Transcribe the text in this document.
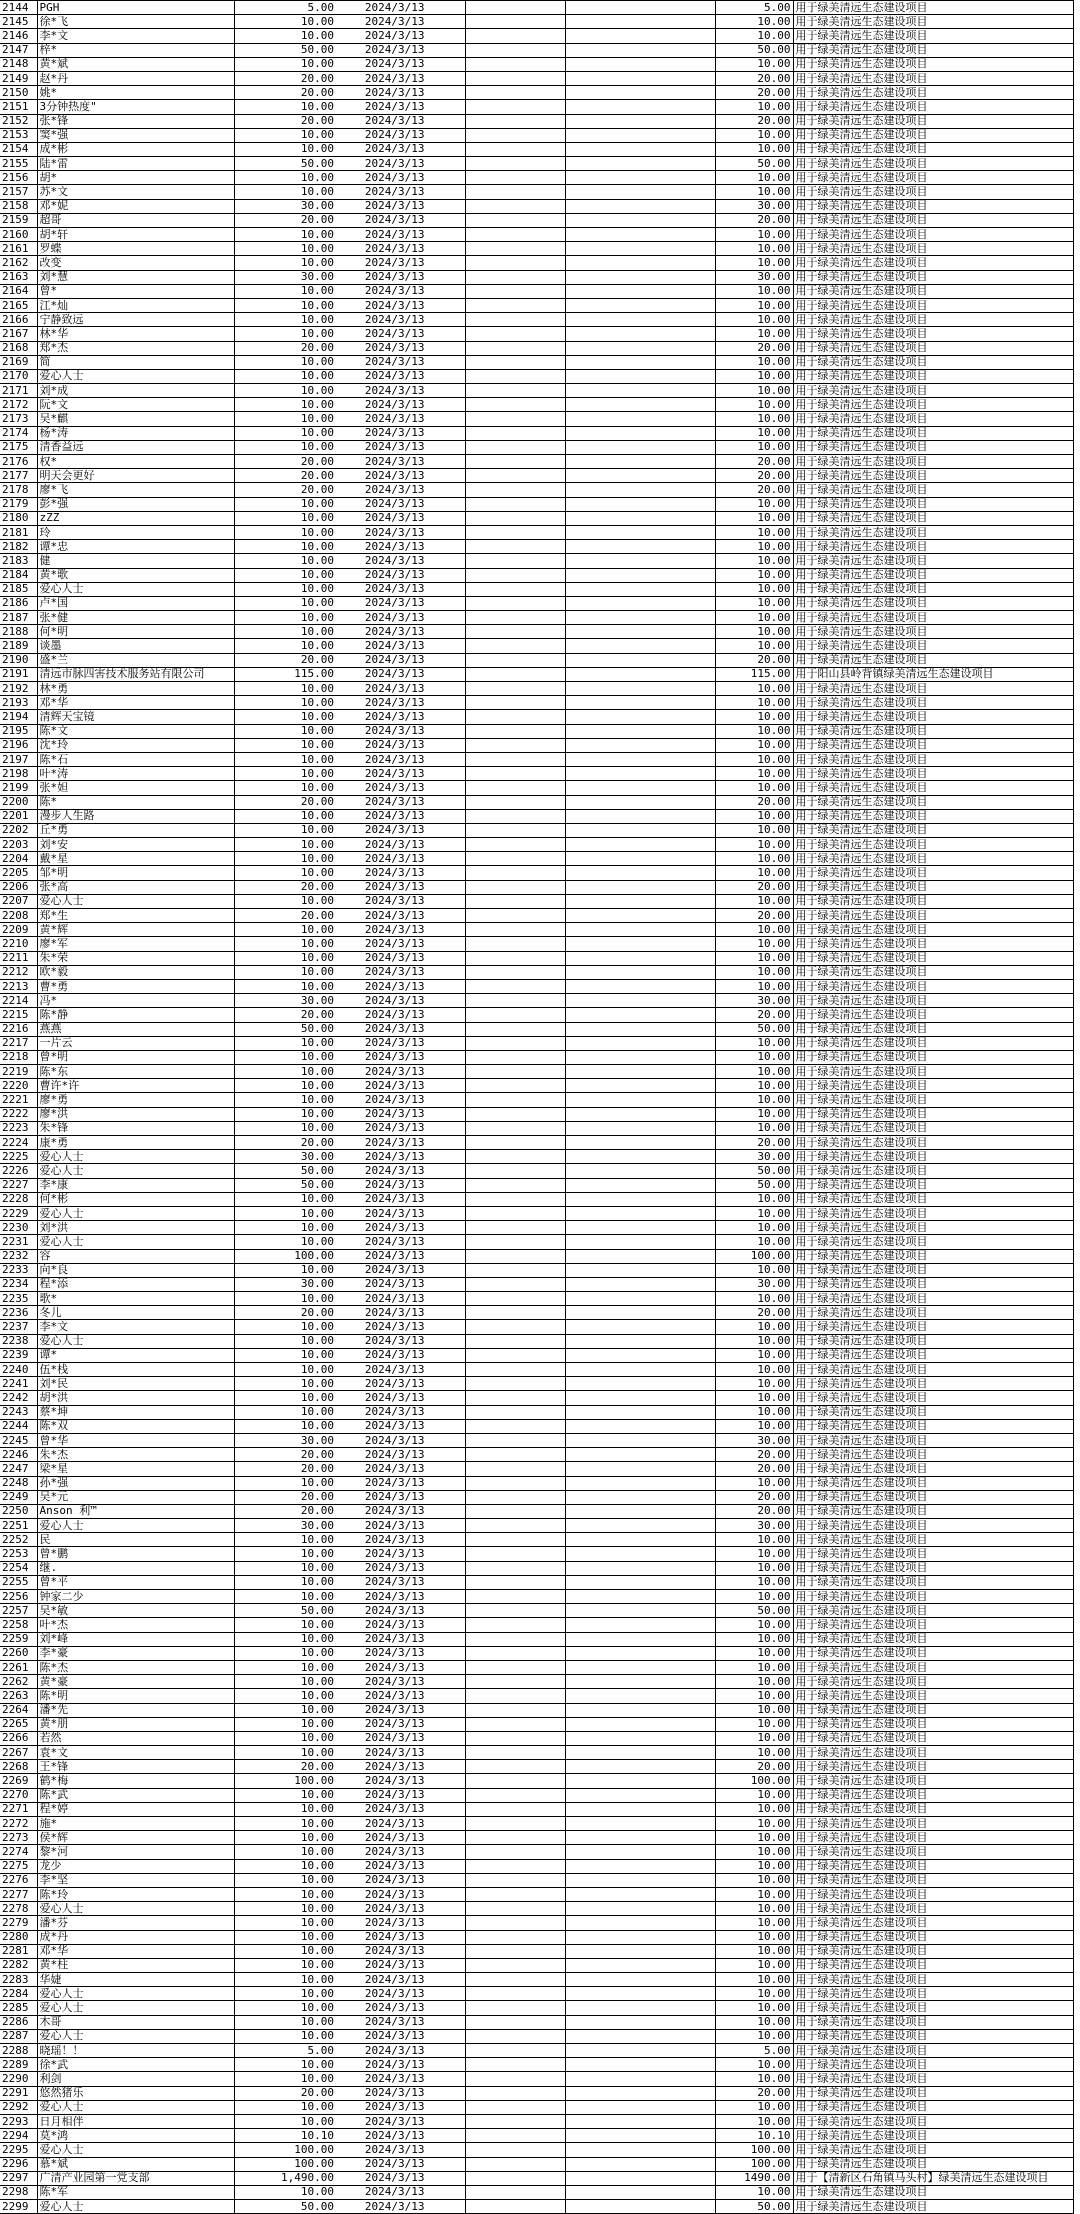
2144	PGH	5.00	2024/3/13			5.00	用于绿美清远生态建设项目
2145	徐*飞	10.00	2024/3/13			10.00	用于绿美清远生态建设项目
2146	李*文	10.00	2024/3/13			10.00	用于绿美清远生态建设项目
2147	梓*	50.00	2024/3/13			50.00	用于绿美清远生态建设项目
2148	黄*斌	10.00	2024/3/13			10.00	用于绿美清远生态建设项目
2149	赵*丹	20.00	2024/3/13			20.00	用于绿美清远生态建设项目
2150	姚*	20.00	2024/3/13			20.00	用于绿美清远生态建设项目
2151	3分钟热度"	10.00	2024/3/13			10.00	用于绿美清远生态建设项目
2152	张*锋	20.00	2024/3/13			20.00	用于绿美清远生态建设项目
2153	窦*强	10.00	2024/3/13			10.00	用于绿美清远生态建设项目
2154	成*彬	10.00	2024/3/13			10.00	用于绿美清远生态建设项目
2155	陆*雷	50.00	2024/3/13			50.00	用于绿美清远生态建设项目
2156	胡*	10.00	2024/3/13			10.00	用于绿美清远生态建设项目
2157	苏*文	10.00	2024/3/13			10.00	用于绿美清远生态建设项目
2158	邓*妮	30.00	2024/3/13			30.00	用于绿美清远生态建设项目
2159	超哥	20.00	2024/3/13			20.00	用于绿美清远生态建设项目
2160	胡*轩	10.00	2024/3/13			10.00	用于绿美清远生态建设项目
2161	罗蝶	10.00	2024/3/13			10.00	用于绿美清远生态建设项目
2162	改变	10.00	2024/3/13			10.00	用于绿美清远生态建设项目
2163	刘*慧	30.00	2024/3/13			30.00	用于绿美清远生态建设项目
2164	曾*	10.00	2024/3/13			10.00	用于绿美清远生态建设项目
2165	江*灿	10.00	2024/3/13			10.00	用于绿美清远生态建设项目
2166	宁静致远	10.00	2024/3/13			10.00	用于绿美清远生态建设项目
2167	林*华	10.00	2024/3/13			10.00	用于绿美清远生态建设项目
2168	郑*杰	20.00	2024/3/13			20.00	用于绿美清远生态建设项目
2169	简	10.00	2024/3/13			10.00	用于绿美清远生态建设项目
2170	爱心人士	10.00	2024/3/13			10.00	用于绿美清远生态建设项目
2171	刘*成	10.00	2024/3/13			10.00	用于绿美清远生态建设项目
2172	阮*文	10.00	2024/3/13			10.00	用于绿美清远生态建设项目
2173	吴*麒	10.00	2024/3/13			10.00	用于绿美清远生态建设项目
2174	杨*涛	10.00	2024/3/13			10.00	用于绿美清远生态建设项目
2175	清香益远	10.00	2024/3/13			10.00	用于绿美清远生态建设项目
2176	权*	20.00	2024/3/13			20.00	用于绿美清远生态建设项目
2177	明天会更好	20.00	2024/3/13			20.00	用于绿美清远生态建设项目
2178	廖*飞	20.00	2024/3/13			20.00	用于绿美清远生态建设项目
2179	彭*强	10.00	2024/3/13			10.00	用于绿美清远生态建设项目
2180	zZZ	10.00	2024/3/13			10.00	用于绿美清远生态建设项目
2181	玲	10.00	2024/3/13			10.00	用于绿美清远生态建设项目
2182	谭*忠	10.00	2024/3/13			10.00	用于绿美清远生态建设项目
2183	健	10.00	2024/3/13			10.00	用于绿美清远生态建设项目
2184	黄*歌	10.00	2024/3/13			10.00	用于绿美清远生态建设项目
2185	爱心人士	10.00	2024/3/13			10.00	用于绿美清远生态建设项目
2186	卢*国	10.00	2024/3/13			10.00	用于绿美清远生态建设项目
2187	张*健	10.00	2024/3/13			10.00	用于绿美清远生态建设项目
2188	何*明	10.00	2024/3/13			10.00	用于绿美清远生态建设项目
2189	谈墨	10.00	2024/3/13			10.00	用于绿美清远生态建设项目
2190	盛*兰	20.00	2024/3/13			20.00	用于绿美清远生态建设项目
2191	清远市脉四害技术服务站有限公司	115.00	2024/3/13			115.00	用于阳山县岭背镇绿美清远生态建设项目
2192	林*勇	10.00	2024/3/13			10.00	用于绿美清远生态建设项目
2193	邓*华	10.00	2024/3/13			10.00	用于绿美清远生态建设项目
2194	清辉天宝镜	10.00	2024/3/13			10.00	用于绿美清远生态建设项目
2195	陈*文	10.00	2024/3/13			10.00	用于绿美清远生态建设项目
2196	沈*玲	10.00	2024/3/13			10.00	用于绿美清远生态建设项目
2197	陈*石	10.00	2024/3/13			10.00	用于绿美清远生态建设项目
2198	叶*涛	10.00	2024/3/13			10.00	用于绿美清远生态建设项目
2199	张*妲	10.00	2024/3/13			10.00	用于绿美清远生态建设项目
2200	陈*	20.00	2024/3/13			20.00	用于绿美清远生态建设项目
2201	漫步人生路	10.00	2024/3/13			10.00	用于绿美清远生态建设项目
2202	丘*勇	10.00	2024/3/13			10.00	用于绿美清远生态建设项目
2203	刘*安	10.00	2024/3/13			10.00	用于绿美清远生态建设项目
2204	戴*星	10.00	2024/3/13			10.00	用于绿美清远生态建设项目
2205	邹*明	10.00	2024/3/13			10.00	用于绿美清远生态建设项目
2206	张*高	20.00	2024/3/13			20.00	用于绿美清远生态建设项目
2207	爱心人士	10.00	2024/3/13			10.00	用于绿美清远生态建设项目
2208	郑*生	20.00	2024/3/13			20.00	用于绿美清远生态建设项目
2209	黄*辉	10.00	2024/3/13			10.00	用于绿美清远生态建设项目
2210	廖*军	10.00	2024/3/13			10.00	用于绿美清远生态建设项目
2211	朱*荣	10.00	2024/3/13			10.00	用于绿美清远生态建设项目
2212	欧*毅	10.00	2024/3/13			10.00	用于绿美清远生态建设项目
2213	曹*勇	10.00	2024/3/13			10.00	用于绿美清远生态建设项目
2214	冯*	30.00	2024/3/13			30.00	用于绿美清远生态建设项目
2215	陈*静	20.00	2024/3/13			20.00	用于绿美清远生态建设项目
2216	燕燕	50.00	2024/3/13			50.00	用于绿美清远生态建设项目
2217	一片云	10.00	2024/3/13			10.00	用于绿美清远生态建设项目
2218	曾*明	10.00	2024/3/13			10.00	用于绿美清远生态建设项目
2219	陈*东	10.00	2024/3/13			10.00	用于绿美清远生态建设项目
2220	曹许*许	10.00	2024/3/13			10.00	用于绿美清远生态建设项目
2221	廖*勇	10.00	2024/3/13			10.00	用于绿美清远生态建设项目
2222	廖*洪	10.00	2024/3/13			10.00	用于绿美清远生态建设项目
2223	朱*锋	10.00	2024/3/13			10.00	用于绿美清远生态建设项目
2224	康*勇	20.00	2024/3/13			20.00	用于绿美清远生态建设项目
2225	爱心人士	30.00	2024/3/13			30.00	用于绿美清远生态建设项目
2226	爱心人士	50.00	2024/3/13			50.00	用于绿美清远生态建设项目
2227	李*康	50.00	2024/3/13			50.00	用于绿美清远生态建设项目
2228	何*彬	10.00	2024/3/13			10.00	用于绿美清远生态建设项目
2229	爱心人士	10.00	2024/3/13			10.00	用于绿美清远生态建设项目
2230	刘*洪	10.00	2024/3/13			10.00	用于绿美清远生态建设项目
2231	爱心人士	10.00	2024/3/13			10.00	用于绿美清远生态建设项目
2232	容	100.00	2024/3/13			100.00	用于绿美清远生态建设项目
2233	向*良	10.00	2024/3/13			10.00	用于绿美清远生态建设项目
2234	程*添	30.00	2024/3/13			30.00	用于绿美清远生态建设项目
2235	歌*	10.00	2024/3/13			10.00	用于绿美清远生态建设项目
2236	冬儿	20.00	2024/3/13			20.00	用于绿美清远生态建设项目
2237	李*文	10.00	2024/3/13			10.00	用于绿美清远生态建设项目
2238	爱心人士	10.00	2024/3/13			10.00	用于绿美清远生态建设项目
2239	谭*	10.00	2024/3/13			10.00	用于绿美清远生态建设项目
2240	伍*栈	10.00	2024/3/13			10.00	用于绿美清远生态建设项目
2241	刘*民	10.00	2024/3/13			10.00	用于绿美清远生态建设项目
2242	胡*洪	10.00	2024/3/13			10.00	用于绿美清远生态建设项目
2243	蔡*坤	10.00	2024/3/13			10.00	用于绿美清远生态建设项目
2244	陈*双	10.00	2024/3/13			10.00	用于绿美清远生态建设项目
2245	曾*华	30.00	2024/3/13			30.00	用于绿美清远生态建设项目
2246	朱*杰	20.00	2024/3/13			20.00	用于绿美清远生态建设项目
2247	梁*星	20.00	2024/3/13			20.00	用于绿美清远生态建设项目
2248	孙*强	10.00	2024/3/13			10.00	用于绿美清远生态建设项目
2249	吴*元	20.00	2024/3/13			20.00	用于绿美清远生态建设项目
2250	Anson 利™	20.00	2024/3/13			20.00	用于绿美清远生态建设项目
2251	爱心人士	30.00	2024/3/13			30.00	用于绿美清远生态建设项目
2252	民	10.00	2024/3/13			10.00	用于绿美清远生态建设项目
2253	曾*鹏	10.00	2024/3/13			10.00	用于绿美清远生态建设项目
2254	继.	10.00	2024/3/13			10.00	用于绿美清远生态建设项目
2255	曾*平	10.00	2024/3/13			10.00	用于绿美清远生态建设项目
2256	钟家二少	10.00	2024/3/13			10.00	用于绿美清远生态建设项目
2257	吴*敏	50.00	2024/3/13			50.00	用于绿美清远生态建设项目
2258	叶*杰	10.00	2024/3/13			10.00	用于绿美清远生态建设项目
2259	刘*峰	10.00	2024/3/13			10.00	用于绿美清远生态建设项目
2260	李*豪	10.00	2024/3/13			10.00	用于绿美清远生态建设项目
2261	陈*杰	10.00	2024/3/13			10.00	用于绿美清远生态建设项目
2262	黄*豪	10.00	2024/3/13			10.00	用于绿美清远生态建设项目
2263	陈*明	10.00	2024/3/13			10.00	用于绿美清远生态建设项目
2264	潘*先	10.00	2024/3/13			10.00	用于绿美清远生态建设项目
2265	黄*朋	10.00	2024/3/13			10.00	用于绿美清远生态建设项目
2266	若然	10.00	2024/3/13			10.00	用于绿美清远生态建设项目
2267	袁*文	10.00	2024/3/13			10.00	用于绿美清远生态建设项目
2268	王*锋	20.00	2024/3/13			20.00	用于绿美清远生态建设项目
2269	鹤*梅	100.00	2024/3/13			100.00	用于绿美清远生态建设项目
2270	陈*武	10.00	2024/3/13			10.00	用于绿美清远生态建设项目
2271	程*婷	10.00	2024/3/13			10.00	用于绿美清远生态建设项目
2272	施*	10.00	2024/3/13			10.00	用于绿美清远生态建设项目
2273	侯*辉	10.00	2024/3/13			10.00	用于绿美清远生态建设项目
2274	黎*河	10.00	2024/3/13			10.00	用于绿美清远生态建设项目
2275	龙少	10.00	2024/3/13			10.00	用于绿美清远生态建设项目
2276	李*坚	10.00	2024/3/13			10.00	用于绿美清远生态建设项目
2277	陈*玲	10.00	2024/3/13			10.00	用于绿美清远生态建设项目
2278	爱心人士	10.00	2024/3/13			10.00	用于绿美清远生态建设项目
2279	潘*芬	10.00	2024/3/13			10.00	用于绿美清远生态建设项目
2280	成*丹	10.00	2024/3/13			10.00	用于绿美清远生态建设项目
2281	邓*华	10.00	2024/3/13			10.00	用于绿美清远生态建设项目
2282	黄*柱	10.00	2024/3/13			10.00	用于绿美清远生态建设项目
2283	华婕	10.00	2024/3/13			10.00	用于绿美清远生态建设项目
2284	爱心人士	10.00	2024/3/13			10.00	用于绿美清远生态建设项目
2285	爱心人士	10.00	2024/3/13			10.00	用于绿美清远生态建设项目
2286	木哥	10.00	2024/3/13			10.00	用于绿美清远生态建设项目
2287	爱心人士	10.00	2024/3/13			10.00	用于绿美清远生态建设项目
2288	晓瑶！！	5.00	2024/3/13			5.00	用于绿美清远生态建设项目
2289	徐*武	10.00	2024/3/13			10.00	用于绿美清远生态建设项目
2290	利剑	10.00	2024/3/13			10.00	用于绿美清远生态建设项目
2291	悠然猪乐	20.00	2024/3/13			20.00	用于绿美清远生态建设项目
2292	爱心人士	10.00	2024/3/13			10.00	用于绿美清远生态建设项目
2293	日月相伴	10.00	2024/3/13			10.00	用于绿美清远生态建设项目
2294	莫*鸿	10.10	2024/3/13			10.10	用于绿美清远生态建设项目
2295	爱心人士	100.00	2024/3/13			100.00	用于绿美清远生态建设项目
2296	慕*斌	100.00	2024/3/13			100.00	用于绿美清远生态建设项目
2297	广清产业园第一党支部	1,490.00	2024/3/13			1490.00	用于【清新区石角镇马头村】绿美清远生态建设项目
2298	陈*军	10.00	2024/3/13			10.00	用于绿美清远生态建设项目
2299	爱心人士	50.00	2024/3/13			50.00	用于绿美清远生态建设项目
